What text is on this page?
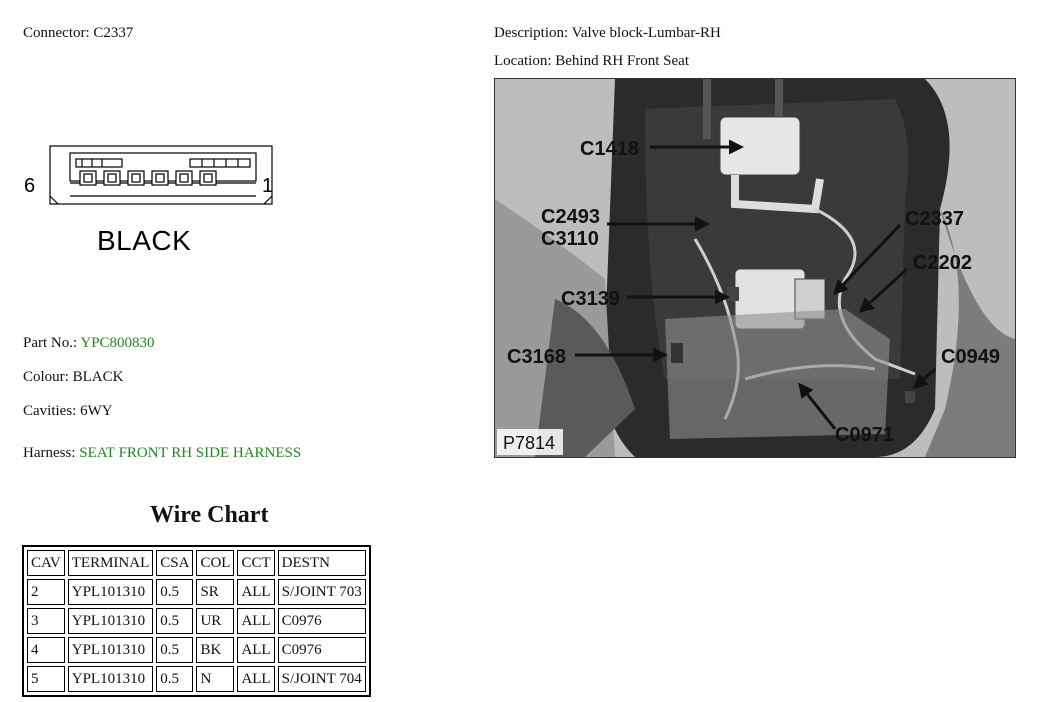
Connector: C2337	Description: Valve block-Lumbar-RH
Location: Behind RH Front Seat
6	1
BLACK
Part No.: YPC800830
Colour: BLACK
Cavities: 6WY
Harness: SEAT FRONT RH SIDE HARNESS
Wire Chart
CAV	TERMINAL	CSA	COL	CCT	DESTN
2	YPL101310	0.5	SR	ALL	S/JOINT 703
3	YPL101310	0.5	UR	ALL	C0976
4	YPL101310	0.5	BK	ALL	C0976
5	YPL101310	0.5	N	ALL	S/JOINT 704
C1418
C2493
C3110
C2337
C2202
C3139
C3168	C0949
C0971
P7814
